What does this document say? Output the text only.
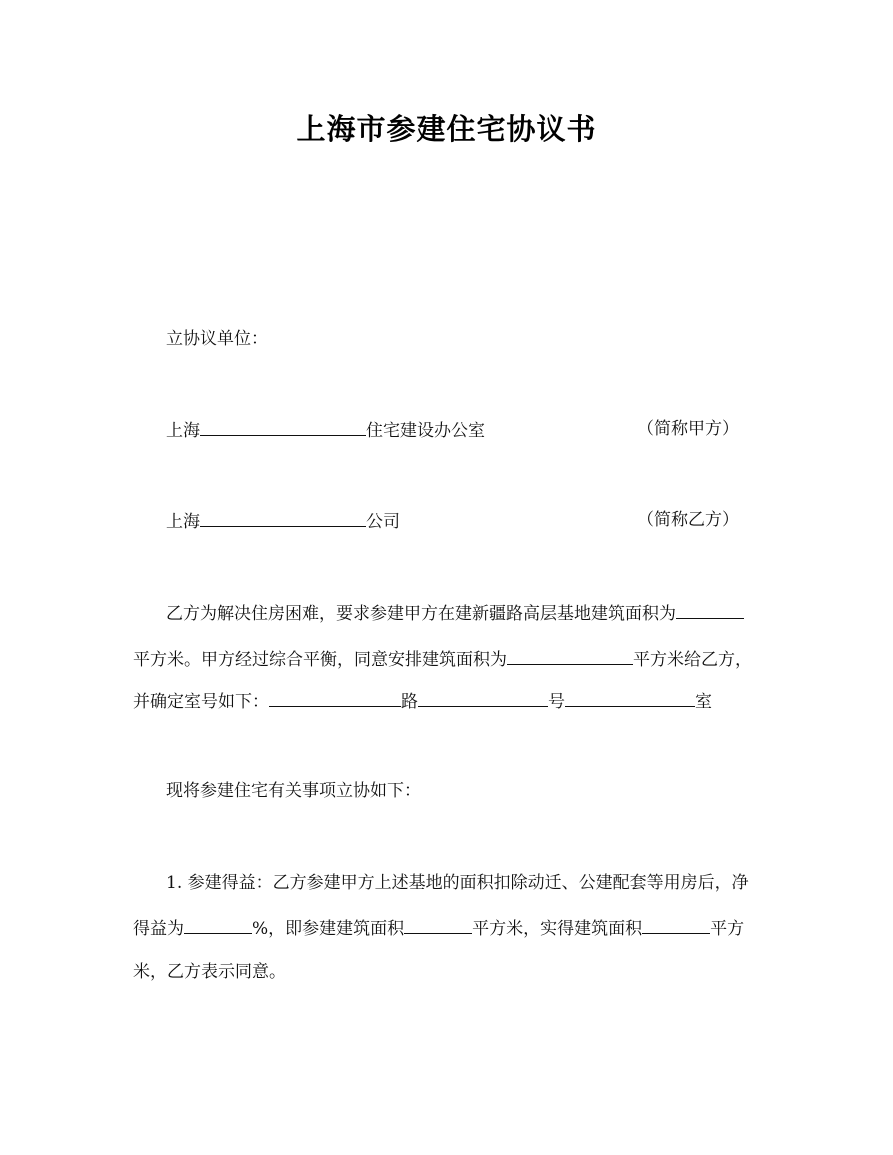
上海市参建住宅协议书
立协议单位：
上海	住宅建设办公室	（简称甲方）
上海	公司	（简称乙方）
乙方为解决住房困难，要求参建甲方在建新疆路高层基地建筑面积为
平方米。甲方经过综合平衡，同意安排建筑面积为	平方米给乙方，
并确定室号如下：	路	号	室
现将参建住宅有关事项立协如下：
1. 参建得益：乙方参建甲方上述基地的面积扣除动迁、公建配套等用房后，净
得益为	%，即参建建筑面积	平方米，实得建筑面积	平方
米，乙方表示同意。
